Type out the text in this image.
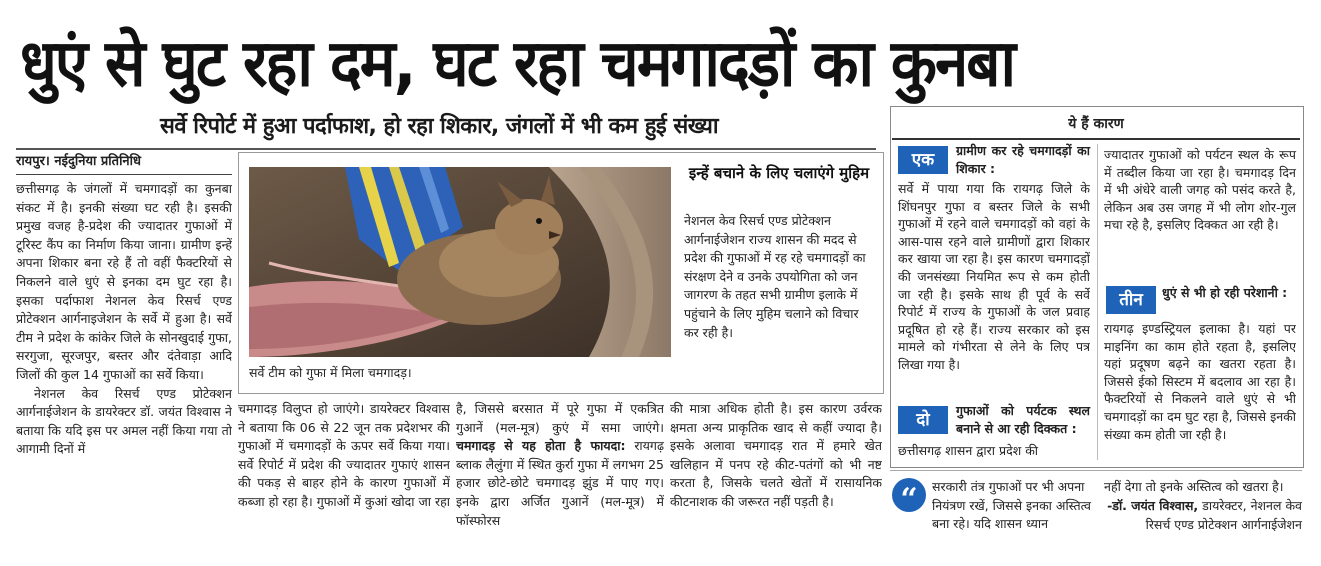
धुएं से घुट रहा दम, घट रहा चमगादड़ों का कुनबा
सर्वे रिपोर्ट में हुआ पर्दाफाश, हो रहा शिकार, जंगलों में भी कम हुई संख्या
रायपुर। नईदुनिया प्रतिनिधि

छत्तीसगढ़ के जंगलों में चमगादड़ों का कुनबा संकट में है। इनकी संख्या घट रही है। इसकी प्रमुख वजह है-प्रदेश की ज्यादातर गुफाओं में टूरिस्ट कैंप का निर्माण किया जाना। ग्रामीण इन्हें अपना शिकार बना रहे हैं तो वहीं फैक्टरियों से निकलने वाले धुएं से इनका दम घुट रहा है। इसका पर्दाफाश नेशनल केव रिसर्च एण्ड प्रोटेक्शन आर्गनाइजेशन के सर्वे में हुआ है। सर्वे टीम ने प्रदेश के कांकेर जिले के सोनखुदाई गुफा, सरगुजा, सूरजपुर, बस्तर और दंतेवाड़ा आदि जिलों की कुल 14 गुफाओं का सर्वे किया।

नेशनल केव रिसर्च एण्ड प्रोटेक्शन आर्गनाईजेशन के डायरेक्टर डॉ. जयंत विश्वास ने बताया कि यदि इस पर अमल नहीं किया गया तो आगामी दिनों में

सर्वे टीम को गुफा में मिला चमगादड़।
इन्हें बचाने के लिए चलाएंगे मुहिम
नेशनल केव रिसर्च एण्ड प्रोटेक्शन आर्गनाईजेशन राज्य शासन की मदद से प्रदेश की गुफाओं में रह रहे चमगादड़ों का संरक्षण देने व उनके उपयोगिता को जन जागरण के तहत सभी ग्रामीण इलाके में पहुंचाने के लिए मुहिम चलाने को विचार कर रही है।
चमगादड़ विलुप्त हो जाएंगे। डायरेक्टर विश्वास ने बताया कि 06 से 22 जून तक प्रदेशभर की गुफाओं में चमगादड़ों के ऊपर सर्वे किया गया। सर्वे रिपोर्ट में प्रदेश की ज्यादातर गुफाएं शासन की पकड़ से बाहर होने के कारण गुफाओं में कब्जा हो रहा है। गुफाओं में कुआं खोदा जा रहा
है, जिससे बरसात में पूरे गुफा में एकत्रित गुआनें (मल-मूत्र) कुएं में समा जाएंगे। चमगादड़ से यह होता है फायदा: रायगढ़ ब्लाक लैलुंगा में स्थित कुर्रा गुफा में लगभग 25 हजार छोटे-छोटे चमगादड़ झुंड में पाए गए। इनके द्वारा अर्जित गुआनें (मल-मूत्र) में फॉस्फोरस
की मात्रा अधिक होती है। इस कारण उर्वरक क्षमता अन्य प्राकृतिक खाद से कहीं ज्यादा है। इसके अलावा चमगादड़ रात में हमारे खेत खलिहान में पनप रहे कीट-पतंगों को भी नष्ट करता है, जिसके चलते खेतों में रासायनिक कीटनाशक की जरूरत नहीं पड़ती है।
ये हैं कारण
एक	ग्रामीण कर रहे चमगादड़ों का शिकार :
सर्वे में पाया गया कि रायगढ़ जिले के शिंघनपुर गुफा व बस्तर जिले के सभी गुफाओं में रहने वाले चमगादड़ों को वहां के आस-पास रहने वाले ग्रामीणों द्वारा शिकार कर खाया जा रहा है। इस कारण चमगादड़ों की जनसंख्या नियमित रूप से कम होती जा रही है। इसके साथ ही पूर्व के सर्वे रिपोर्ट में राज्य के गुफाओं के जल प्रवाह प्रदूषित हो रहे हैं। राज्य सरकार को इस मामले को गंभीरता से लेने के लिए पत्र लिखा गया है।
दो	गुफाओं को पर्यटक स्थल बनाने से आ रही दिक्कत :
छत्तीसगढ़ शासन द्वारा प्रदेश की
ज्यादातर गुफाओं को पर्यटन स्थल के रूप में तब्दील किया जा रहा है। चमगादड़ दिन में भी अंधेरे वाली जगह को पसंद करते है, लेकिन अब उस जगह में भी लोग शोर-गुल मचा रहे है, इसलिए दिक्कत आ रही है।
तीन	धुएं से भी हो रही परेशानी :
रायगढ़ इण्डस्ट्रियल इलाका है। यहां पर माइनिंग का काम होते रहता है, इसलिए यहां प्रदूषण बढ़ने का खतरा रहता है। जिससे ईको सिस्टम में बदलाव आ रहा है। फैक्टरियों से निकलने वाले धुएं से भी चमगादड़ों का दम घुट रहा है, जिससे इनकी संख्या कम होती जा रही है।
“	सरकारी तंत्र गुफाओं पर भी अपना नियंत्रण रखें, जिससे इनका अस्तित्व बना रहे। यदि शासन ध्यान
नहीं देगा तो इनके अस्तित्व को खतरा है।
-डॉ. जयंत विश्वास, डायरेक्टर, नेशनल केव रिसर्च एण्ड प्रोटेक्शन आर्गनाईजेशन
